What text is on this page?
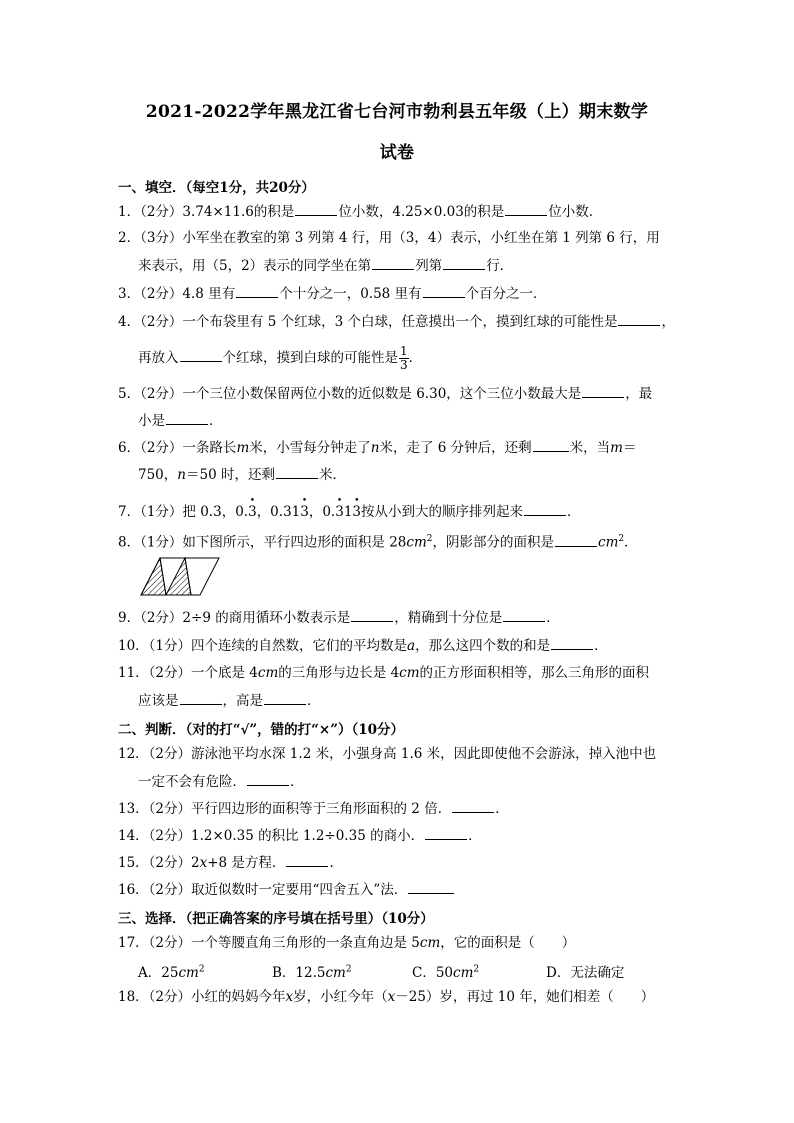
2021-2022学年黑龙江省七台河市勃利县五年级（上）期末数学
试卷
一、填空．（每空1分，共20分）
1．（2分）3.74×11.6的积是	位小数，4.25×0.03的积是	位小数．
2．（3分）小军坐在教室的第 3 列第 4 行，用（3，4）表示，小红坐在第 1 列第 6 行，用
来表示，用（5，2）表示的同学坐在第	列第	行．
3．（2分）4.8 里有	个十分之一，0.58 里有	个百分之一．
4．（2分）一个布袋里有 5 个红球，3 个白球，任意摸出一个，摸到红球的可能性是	，
再放入	个红球，摸到白球的可能性是 $\frac{1}{3}$ ．
5．（2分）一个三位小数保留两位小数的近似数是 6.30，这个三位小数最大是	，最
小是	．
6．（2分）一条路长m米，小雪每分钟走了n米，走了 6 分钟后，还剩	米，当m＝
750，n＝50 时，还剩	米．
7．（1分）把 0.3，0.• 3，0.31• 3，0.• 31• 3按从小到大的顺序排列起来	．
8．（1分）如下图所示，平行四边形的面积是 $28cm^2$，阴影部分的面积是	$cm^2$．
9．（2分）2÷9 的商用循环小数表示是	，精确到十分位是	．
10．（1分）四个连续的自然数，它们的平均数是a，那么这四个数的和是	．
11．（2分）一个底是 4cm的三角形与边长是 4cm的正方形面积相等，那么三角形的面积
应该是	，高是	．
二、判断．（对的打“√”，错的打“×”）（10分）
12．（2分）游泳池平均水深 1.2 米，小强身高 1.6 米，因此即使他不会游泳，掉入池中也
一定不会有危险．	．
13．（2分）平行四边形的面积等于三角形面积的 2 倍．	．
14．（2分）1.2×0.35 的积比 1.2÷0.35 的商小．	．
15．（2分）2x+8 是方程．	．
16．（2分）取近似数时一定要用“四舍五入”法．
三、选择．（把正确答案的序号填在括号里）（10分）
17．（2分）一个等腰直角三角形的一条直角边是 5cm，它的面积是（　　）
A．$25cm^2$	B．$12.5cm^2$	C．$50cm^2$	D．无法确定
18．（2分）小红的妈妈今年x岁，小红今年（x－25）岁，再过 10 年，她们相差（　　）
